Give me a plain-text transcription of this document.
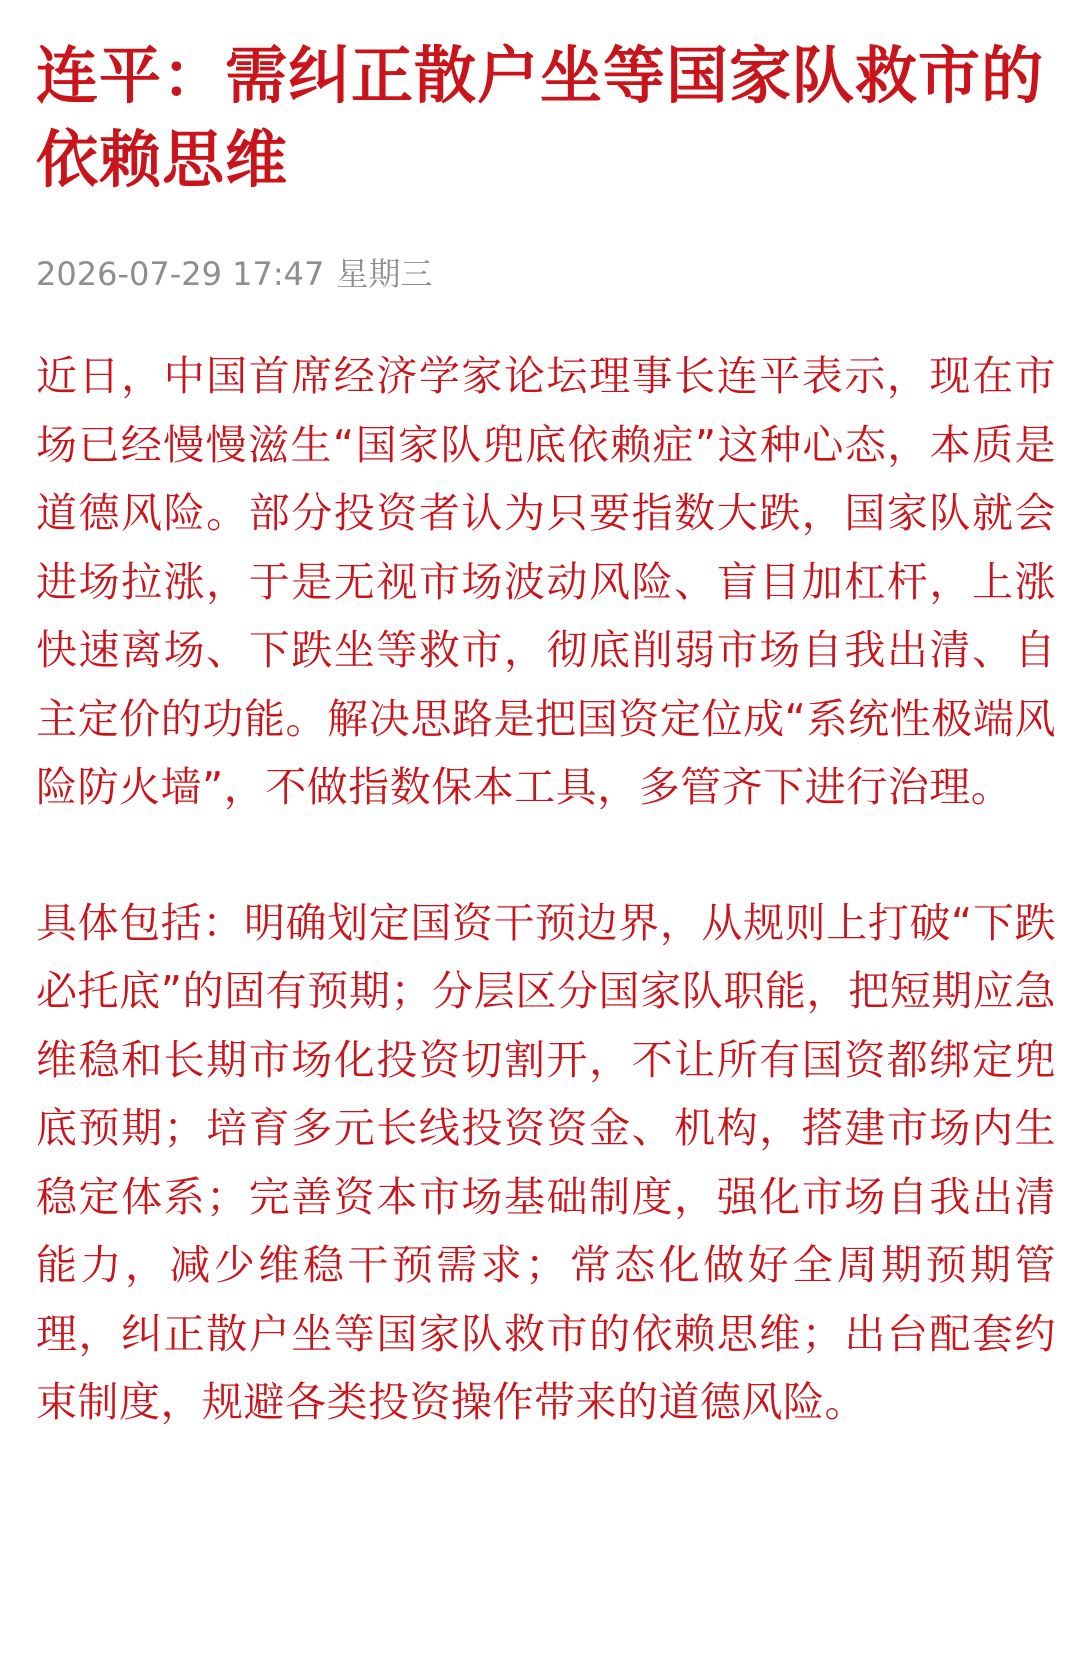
连平：需纠正散户坐等国家队救市的依赖思维
2026-07-29 17:47 星期三

近日，中国首席经济学家论坛理事长连平表示，现在市场已经慢慢滋生“国家队兜底依赖症”这种心态，本质是道德风险。部分投资者认为只要指数大跌，国家队就会进场拉涨，于是无视市场波动风险、盲目加杠杆，上涨快速离场、下跌坐等救市，彻底削弱市场自我出清、自主定价的功能。解决思路是把国资定位成“系统性极端风险防火墙”，不做指数保本工具，多管齐下进行治理。

具体包括：明确划定国资干预边界，从规则上打破“下跌必托底”的固有预期；分层区分国家队职能，把短期应急维稳和长期市场化投资切割开，不让所有国资都绑定兜底预期；培育多元长线投资资金、机构，搭建市场内生稳定体系；完善资本市场基础制度，强化市场自我出清能力，减少维稳干预需求；常态化做好全周期预期管理，纠正散户坐等国家队救市的依赖思维；出台配套约束制度，规避各类投资操作带来的道德风险。
